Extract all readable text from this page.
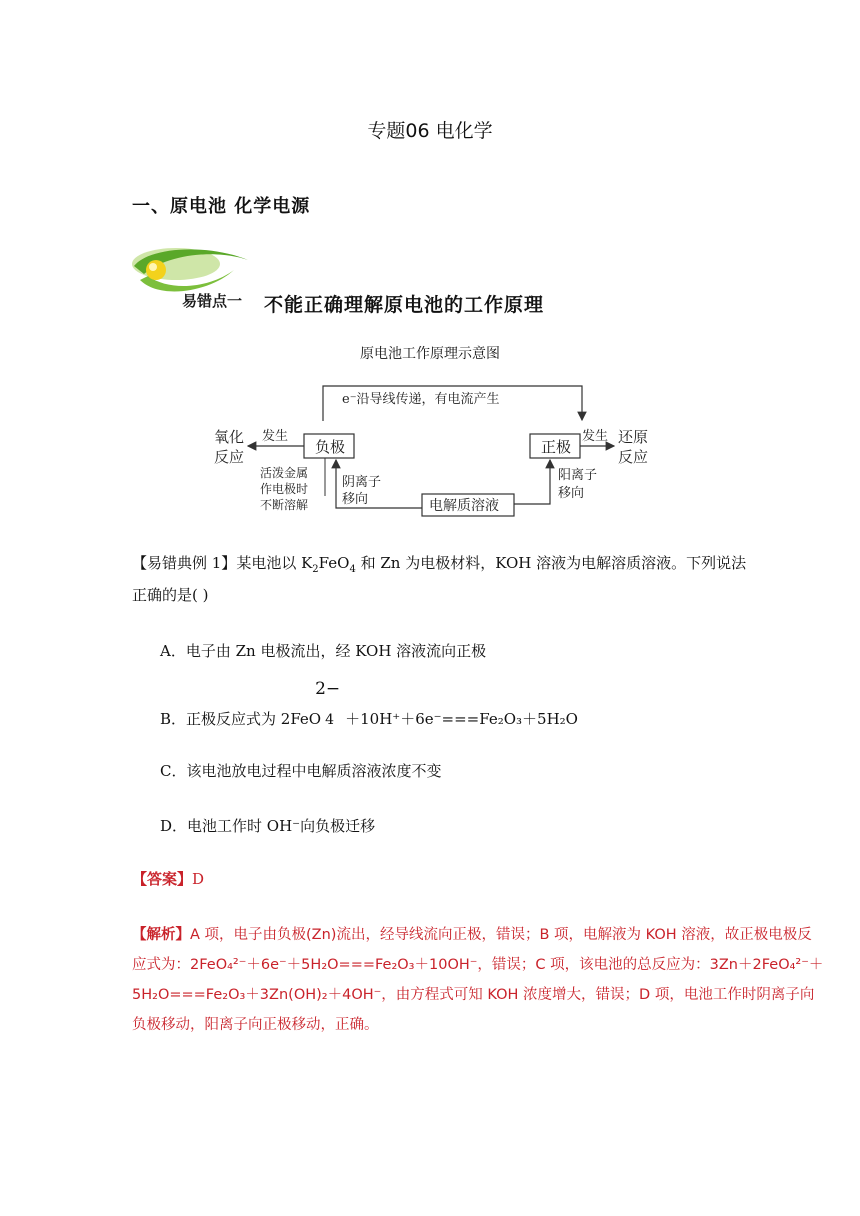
专题06 电化学
一、原电池 化学电源
易错点一 不能正确理解原电池的工作原理
原电池工作原理示意图
e⁻沿导线传递，有电流产生
负极	正极
电解质溶液
发生
氧化
反应
发生 还原
反应
活泼金属
作电极时
不断溶解
阴离子
移向
阳离子
移向
【易错典例 1】某电池以 $K_2FeO_4$ 和 Zn 为电极材料，KOH 溶液为电解溶质溶液。下列说法
正确的是( )
A．电子由 Zn 电极流出，经 KOH 溶液流向正极
B．正极反应式为 2FeO
2−
4 ＋10H⁺＋6e⁻===Fe₂O₃＋5H₂O
C．该电池放电过程中电解质溶液浓度不变
D．电池工作时 OH⁻向负极迁移
【答案】D
【解析】A 项，电子由负极(Zn)流出，经导线流向正极，错误；B 项，电解液为 KOH 溶液，故正极电极反
应式为：2FeO₄²⁻＋6e⁻＋5H₂O===Fe₂O₃＋10OH⁻，错误；C 项，该电池的总反应为：3Zn＋2FeO₄²⁻＋
5H₂O===Fe₂O₃＋3Zn(OH)₂＋4OH⁻，由方程式可知 KOH 浓度增大，错误；D 项，电池工作时阴离子向
负极移动，阳离子向正极移动，正确。
